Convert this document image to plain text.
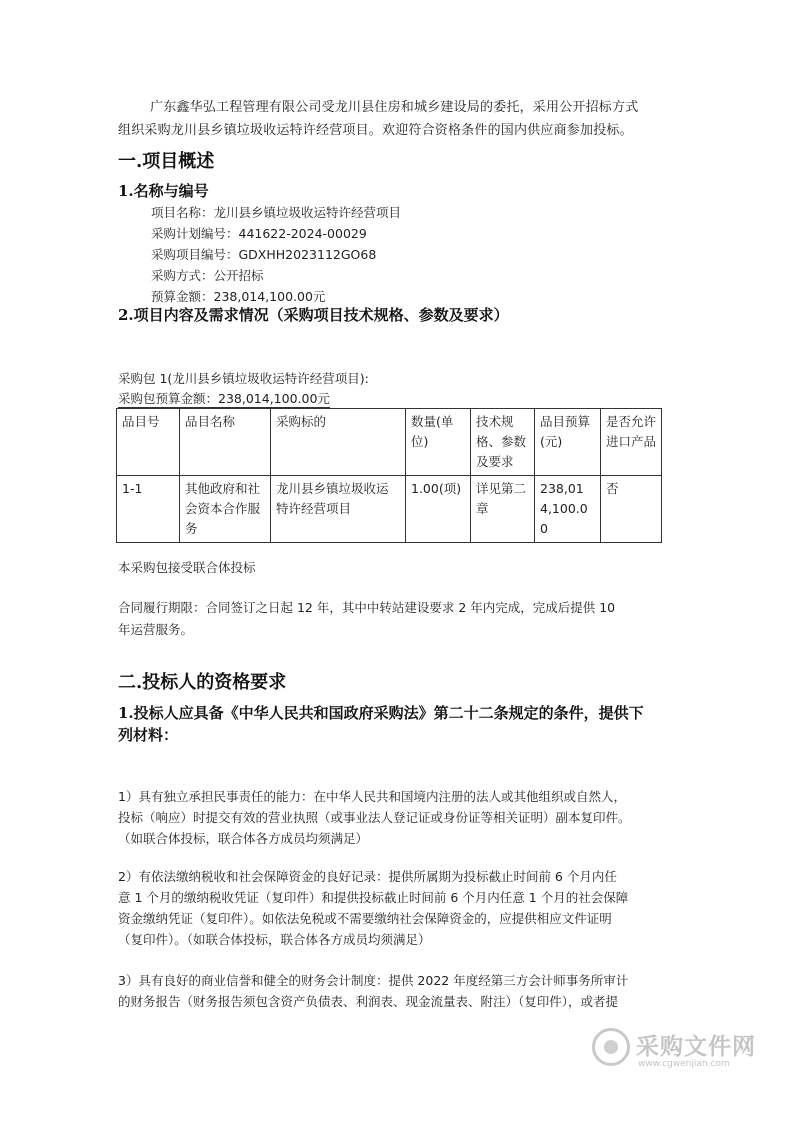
广东鑫华弘工程管理有限公司受龙川县住房和城乡建设局的委托，采用公开招标方式
组织采购龙川县乡镇垃圾收运特许经营项目。欢迎符合资格条件的国内供应商参加投标。
一.项目概述
1.名称与编号
项目名称：龙川县乡镇垃圾收运特许经营项目
采购计划编号：441622-2024-00029
采购项目编号：GDXHH2023112GO68
采购方式：公开招标
预算金额：238,014,100.00元
2.项目内容及需求情况（采购项目技术规格、参数及要求）
采购包 1(龙川县乡镇垃圾收运特许经营项目):
采购包预算金额：238,014,100.00元
品目号	品目名称	采购标的	数量(单位)	技术规格、参数及要求	品目预算(元)	是否允许进口产品
1-1	其他政府和社会资本合作服务	龙川县乡镇垃圾收运特许经营项目	1.00(项)	详见第二章	238,014,100.00	否
本采购包接受联合体投标
合同履行期限：合同签订之日起 12 年，其中中转站建设要求 2 年内完成，完成后提供 10
年运营服务。
二.投标人的资格要求
1.投标人应具备《中华人民共和国政府采购法》第二十二条规定的条件，提供下
列材料：
1）具有独立承担民事责任的能力：在中华人民共和国境内注册的法人或其他组织或自然人，
投标（响应）时提交有效的营业执照（或事业法人登记证或身份证等相关证明）副本复印件。
（如联合体投标，联合体各方成员均须满足）
2）有依法缴纳税收和社会保障资金的良好记录：提供所属期为投标截止时间前 6 个月内任
意 1 个月的缴纳税收凭证（复印件）和提供投标截止时间前 6 个月内任意 1 个月的社会保障
资金缴纳凭证（复印件）。如依法免税或不需要缴纳社会保障资金的，应提供相应文件证明
（复印件）。（如联合体投标，联合体各方成员均须满足）
3）具有良好的商业信誉和健全的财务会计制度：提供 2022 年度经第三方会计师事务所审计
的财务报告（财务报告须包含资产负债表、利润表、现金流量表、附注）（复印件），或者提
采购文件网
www.cgwenjian.com
